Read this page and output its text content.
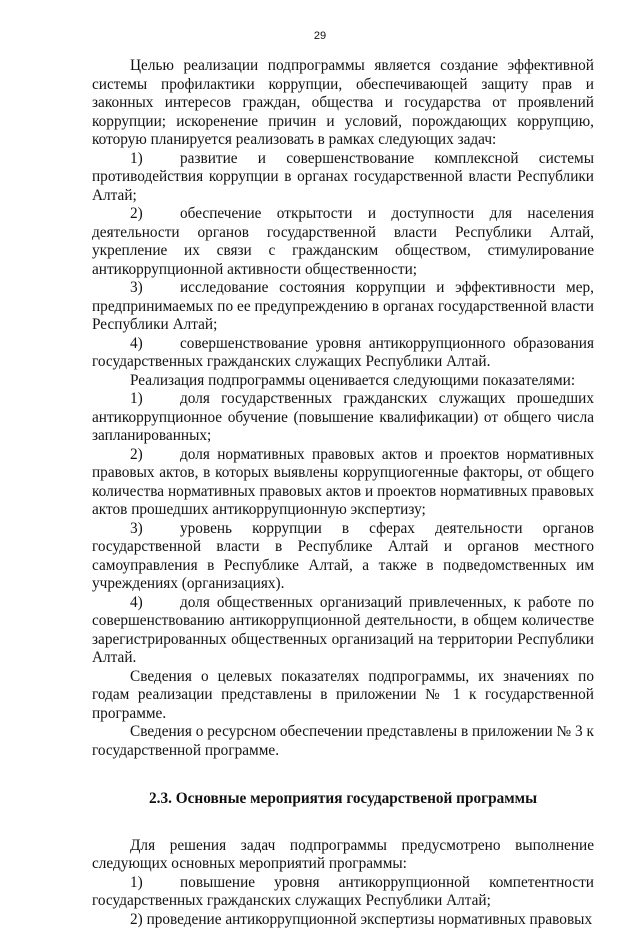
29

Целью реализации подпрограммы является создание эффективной системы профилактики коррупции, обеспечивающей защиту прав и законных интересов граждан, общества и государства от проявлений коррупции; искоренение причин и условий, порождающих коррупцию, которую планируется реализовать в рамках следующих задач:

1) развитие и совершенствование комплексной системы противодействия коррупции в органах государственной власти Республики Алтай;

2) обеспечение открытости и доступности для населения деятельности органов государственной власти Республики Алтай, укрепление их связи с гражданским обществом, стимулирование антикоррупционной активности общественности;

3) исследование состояния коррупции и эффективности мер, предпринимаемых по ее предупреждению в органах государственной власти Республики Алтай;

4) совершенствование уровня антикоррупционного образования государственных гражданских служащих Республики Алтай.

Реализация подпрограммы оценивается следующими показателями:

1) доля государственных гражданских служащих прошедших антикоррупционное обучение (повышение квалификации) от общего числа запланированных;

2) доля нормативных правовых актов и проектов нормативных правовых актов, в которых выявлены коррупциогенные факторы, от общего количества нормативных правовых актов и проектов нормативных правовых актов прошедших антикоррупционную экспертизу;

3) уровень коррупции в сферах деятельности органов государственной власти в Республике Алтай и органов местного самоуправления в Республике Алтай, а также в подведомственных им учреждениях (организациях).

4) доля общественных организаций привлеченных, к работе по совершенствованию антикоррупционной деятельности, в общем количестве зарегистрированных общественных организаций на территории Республики Алтай.

Сведения о целевых показателях подпрограммы, их значениях по годам реализации представлены в приложении № 1 к государственной программе.

Сведения о ресурсном обеспечении представлены в приложении № 3 к государственной программе.

2.3. Основные мероприятия государственой программы

Для решения задач подпрограммы предусмотрено выполнение следующих основных мероприятий программы:

1) повышение уровня антикоррупционной компетентности государственных гражданских служащих Республики Алтай;

2) проведение антикоррупционной экспертизы нормативных правовых
